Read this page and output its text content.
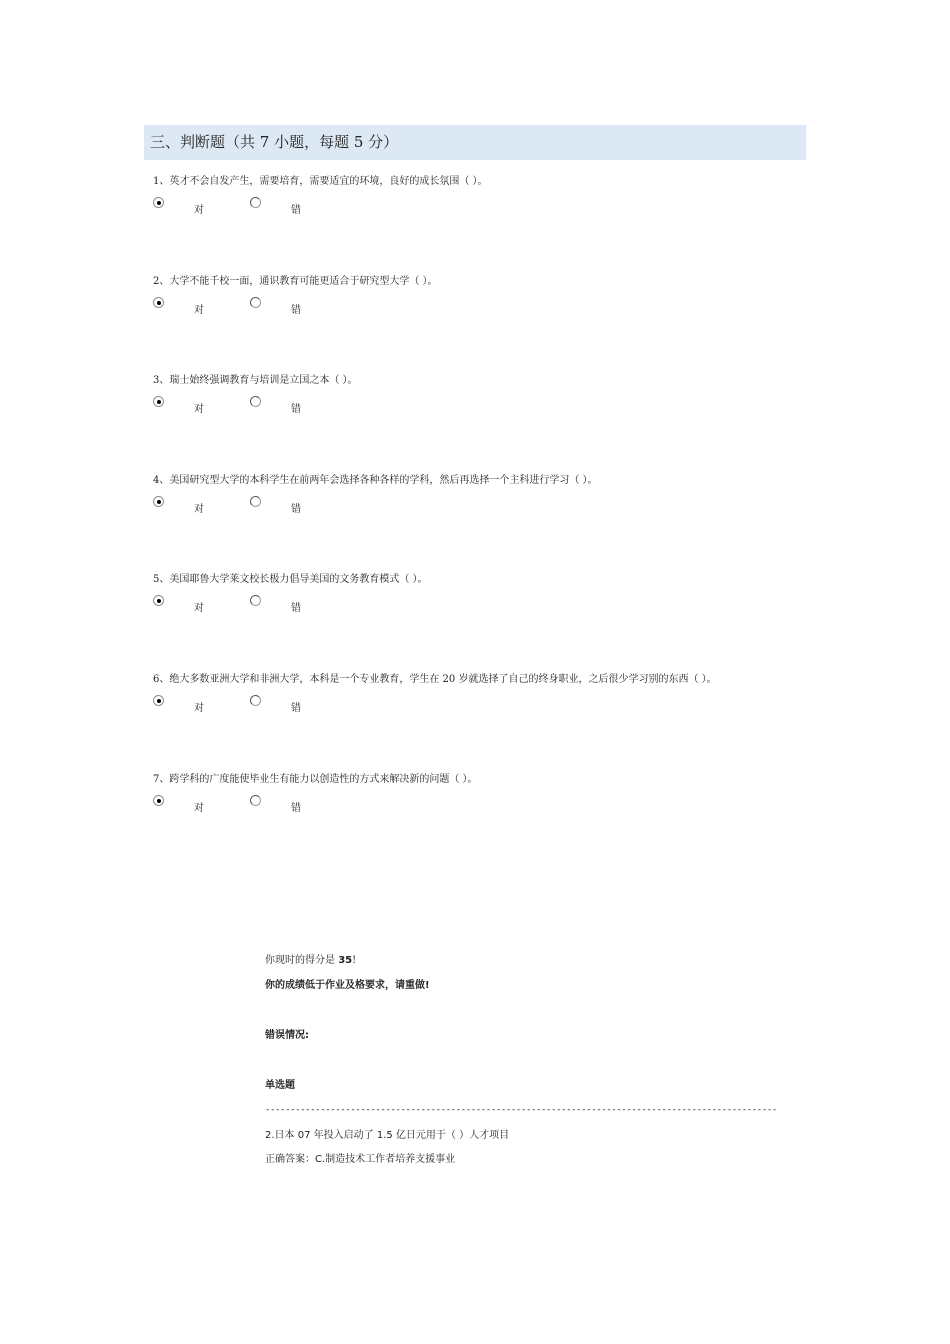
三、判断题（共 7 小题，每题 5 分）
1、英才不会自发产生，需要培育，需要适宜的环境，良好的成长氛围（ ）。
对	错
2、大学不能千校一面，通识教育可能更适合于研究型大学（ ）。
对	错
3、瑞士始终强调教育与培训是立国之本（ ）。
对	错
4、美国研究型大学的本科学生在前两年会选择各种各样的学科，然后再选择一个主科进行学习（ ）。
对	错
5、美国耶鲁大学莱文校长极力倡导美国的文务教育模式（ ）。
对	错
6、绝大多数亚洲大学和非洲大学，本科是一个专业教育，学生在 20 岁就选择了自己的终身职业，之后很少学习别的东西（ ）。
对	错
7、跨学科的广度能使毕业生有能力以创造性的方式来解决新的问题（ ）。
对	错
你现时的得分是 35!
你的成绩低于作业及格要求，请重做!
错误情况:
单选题
------------------------------------------------------------------------------------------------------
2.日本 07 年投入启动了 1.5 亿日元用于（ ）人才项目
正确答案：C.制造技术工作者培养支援事业
